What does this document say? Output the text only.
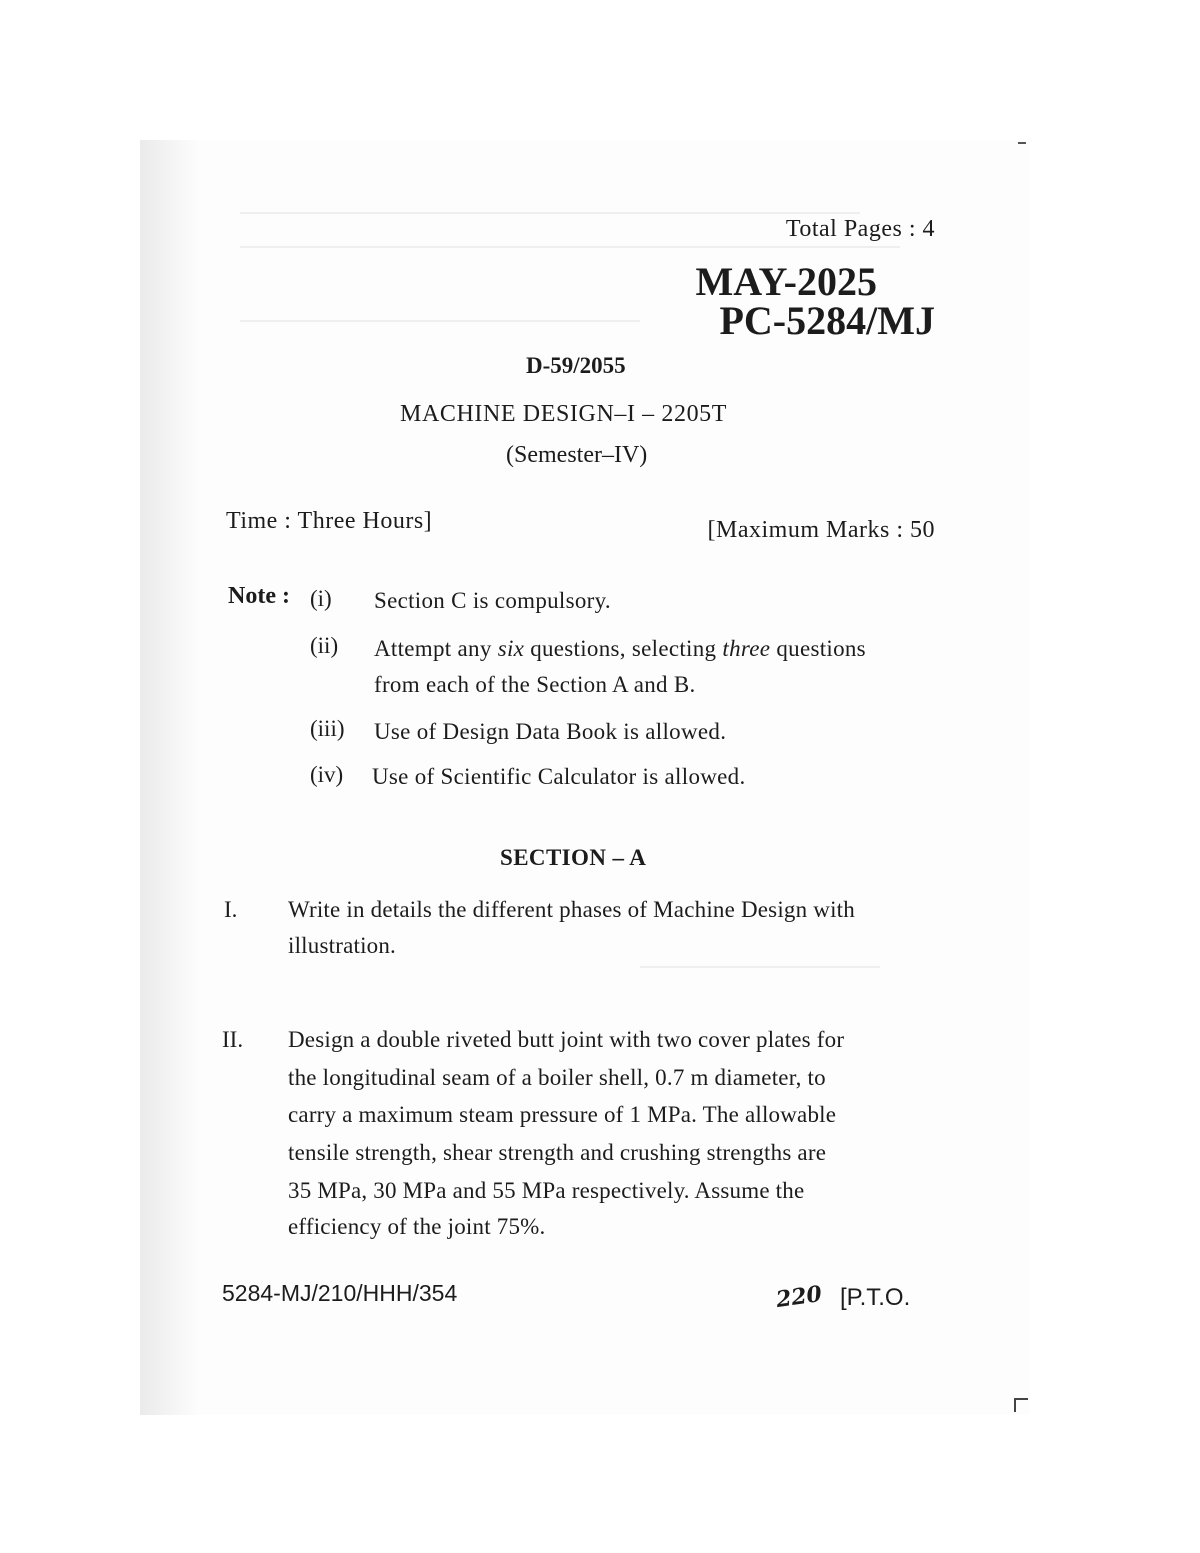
Total Pages : 4
MAY-2025
PC-5284/MJ
D-59/2055
MACHINE DESIGN–I – 2205T
(Semester–IV)
Time : Three Hours]	[Maximum Marks : 50
Note : (i) Section C is compulsory.
(ii) Attempt any six questions, selecting three questions
from each of the Section A and B.
(iii) Use of Design Data Book is allowed.
(iv) Use of Scientific Calculator is allowed.
SECTION – A
I. Write in details the different phases of Machine Design with
illustration.
II. Design a double riveted butt joint with two cover plates for
the longitudinal seam of a boiler shell, 0.7 m diameter, to
carry a maximum steam pressure of 1 MPa. The allowable
tensile strength, shear strength and crushing strengths are
35 MPa, 30 MPa and 55 MPa respectively. Assume the
efficiency of the joint 75%.
5284-MJ/210/HHH/354	220 [P.T.O.
